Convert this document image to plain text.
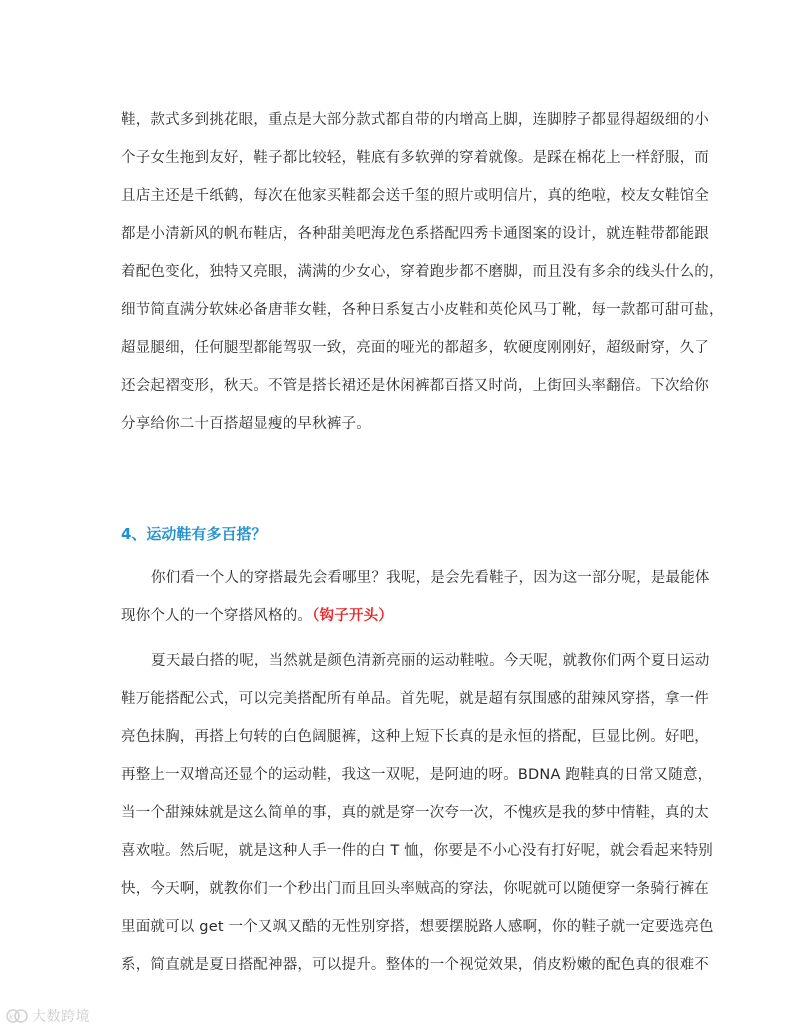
鞋，款式多到挑花眼，重点是大部分款式都自带的内增高上脚，连脚脖子都显得超级细的小
个子女生拖到友好，鞋子都比较轻，鞋底有多软弹的穿着就像。是踩在棉花上一样舒服，而
且店主还是千纸鹤，每次在他家买鞋都会送千玺的照片或明信片，真的绝啦，校友女鞋馆全
都是小清新风的帆布鞋店，各种甜美吧海龙色系搭配四秀卡通图案的设计，就连鞋带都能跟
着配色变化，独特又亮眼，满满的少女心，穿着跑步都不磨脚，而且没有多余的线头什么的，
细节简直满分软妹必备唐菲女鞋，各种日系复古小皮鞋和英伦风马丁靴，每一款都可甜可盐，
超显腿细，任何腿型都能驾驭一致，亮面的哑光的都超多，软硬度刚刚好，超级耐穿，久了
还会起褶变形，秋天。不管是搭长裙还是休闲裤都百搭又时尚，上街回头率翻倍。下次给你
分享给你二十百搭超显瘦的早秋裤子。
4、运动鞋有多百搭？
你们看一个人的穿搭最先会看哪里？我呢，是会先看鞋子，因为这一部分呢，是最能体
现你个人的一个穿搭风格的。（钩子开头）
夏天最白搭的呢，当然就是颜色清新亮丽的运动鞋啦。今天呢，就教你们两个夏日运动
鞋万能搭配公式，可以完美搭配所有单品。首先呢，就是超有氛围感的甜辣风穿搭，拿一件
亮色抹胸，再搭上句转的白色阔腿裤，这种上短下长真的是永恒的搭配，巨显比例。好吧，
再整上一双增高还显个的运动鞋，我这一双呢，是阿迪的呀。BDNA 跑鞋真的日常又随意，
当一个甜辣妹就是这么简单的事，真的就是穿一次夸一次，不愧疚是我的梦中情鞋，真的太
喜欢啦。然后呢，就是这种人手一件的白 T 恤，你要是不小心没有打好呢，就会看起来特别
快，今天啊，就教你们一个秒出门而且回头率贼高的穿法，你呢就可以随便穿一条骑行裤在
里面就可以 get 一个又飒又酷的无性别穿搭，想要摆脱路人感啊，你的鞋子就一定要选亮色
系，简直就是夏日搭配神器，可以提升。整体的一个视觉效果，俏皮粉嫩的配色真的很难不
k 大数跨境
